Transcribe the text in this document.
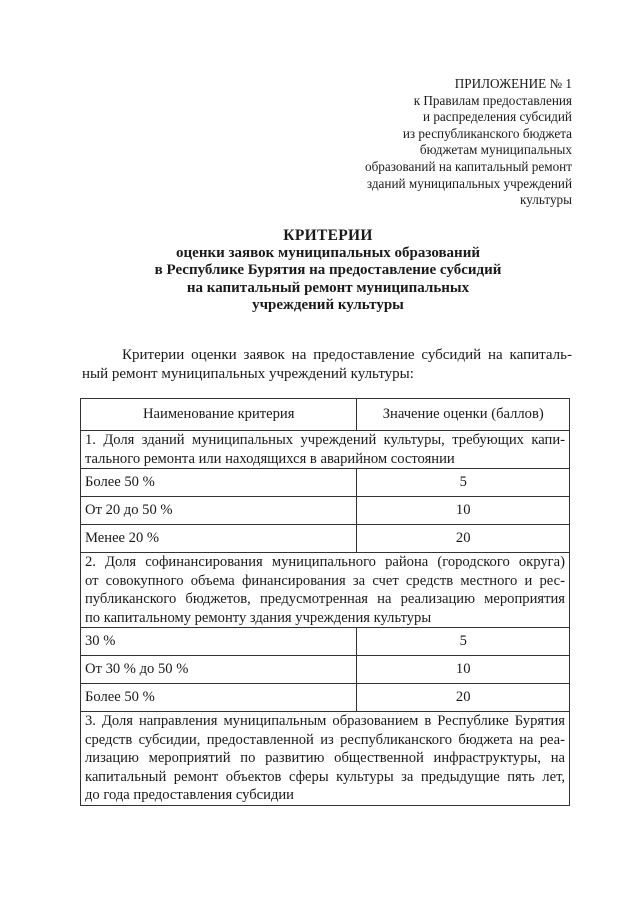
ПРИЛОЖЕНИЕ № 1
к Правилам предоставления
и распределения субсидий
из республиканского бюджета
бюджетам муниципальных
образований на капитальный ремонт
зданий муниципальных учреждений
культуры
КРИТЕРИИ
оценки заявок муниципальных образований
в Республике Бурятия на предоставление субсидий
на капитальный ремонт муниципальных
учреждений культуры
Критерии оценки заявок на предоставление субсидий на капиталь-
ный ремонт муниципальных учреждений культуры:
Наименование критерия	Значение оценки (баллов)

1. Доля зданий муниципальных учреждений культуры, требующих капи-
тального ремонта или находящихся в аварийном состоянии	

Более 50 %	5
От 20 до 50 %	10
Менее 20 %	20

2. Доля софинансирования муниципального района (городского округа)
от совокупного объема финансирования за счет средств местного и рес-
публиканского бюджетов, предусмотренная на реализацию мероприятия
по капитальному ремонту здания учреждения культуры	

30 %	5
От 30 % до 50 %	10
Более 50 %	20

3. Доля направления муниципальным образованием в Республике Бурятия
средств субсидии, предоставленной из республиканского бюджета на реа-
лизацию мероприятий по развитию общественной инфраструктуры, на
капитальный ремонт объектов сферы культуры за предыдущие пять лет,
до года предоставления субсидии	
